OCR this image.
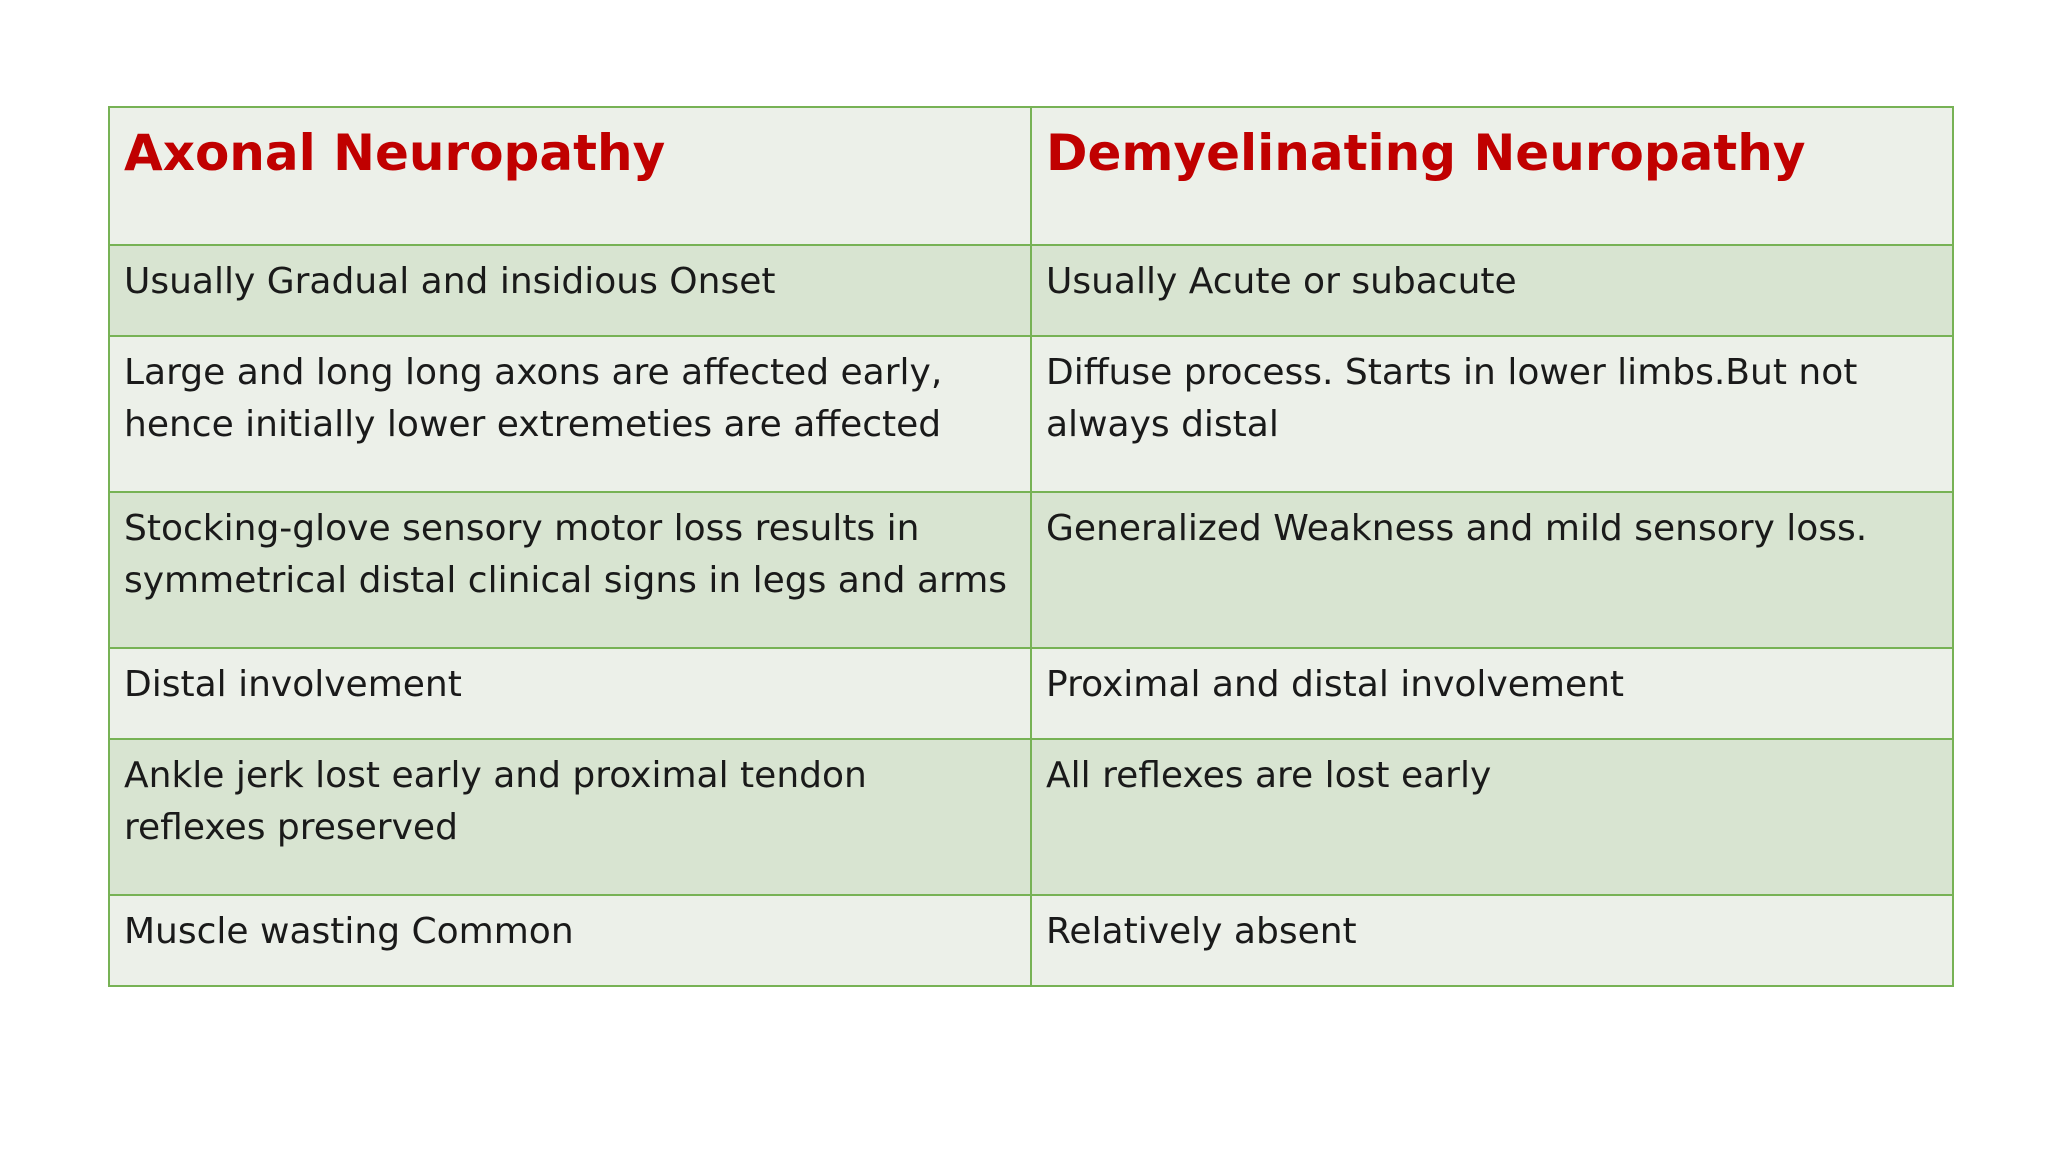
Axonal Neuropathy	Demyelinating Neuropathy
Usually Gradual and insidious Onset	Usually Acute or subacute
Large and long long axons are affected early, hence initially lower extremeties are affected	Diffuse process. Starts in lower limbs.But not always distal
Stocking-glove sensory motor loss results in symmetrical distal clinical signs in legs and arms	Generalized Weakness and mild sensory loss.
Distal involvement	Proximal and distal involvement
Ankle jerk lost early and proximal tendon reflexes preserved	All reflexes are lost early
Muscle wasting Common	Relatively absent
